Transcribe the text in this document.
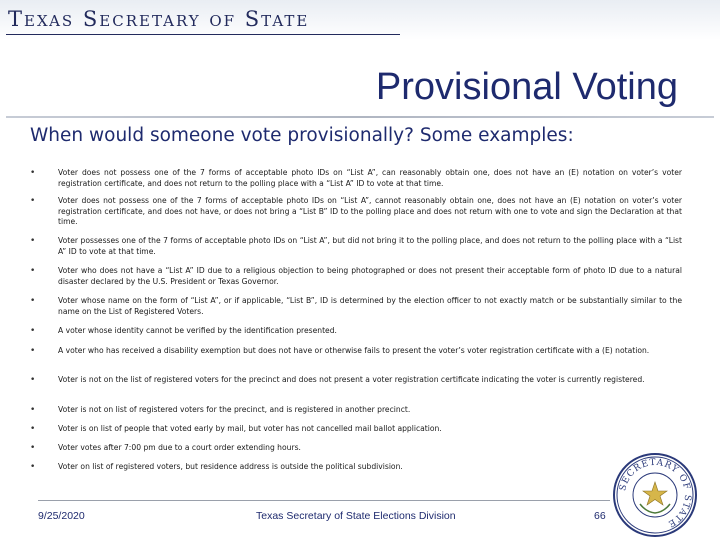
Texas Secretary of State
Provisional Voting
When would someone vote provisionally? Some examples:
•	Voter does not possess one of the 7 forms of acceptable photo IDs on “List A”, can reasonably obtain one, does not have an (E) notation on voter’s voter registration certificate, and does not return to the polling place with a “List A” ID to vote at that time.
•	Voter does not possess one of the 7 forms of acceptable photo IDs on “List A”, cannot reasonably obtain one, does not have an (E) notation on voter’s voter registration certificate, and does not have, or does not bring a “List B” ID to the polling place and does not return with one to vote and sign the Declaration at that time.
•	Voter possesses one of the 7 forms of acceptable photo IDs on “List A”, but did not bring it to the polling place, and does not return to the polling place with a “List A” ID to vote at that time.
•	Voter who does not have a “List A” ID due to a religious objection to being photographed or does not present their acceptable form of photo ID due to a natural disaster declared by the U.S. President or Texas Governor.
•	Voter whose name on the form of “List A”, or if applicable, “List B”, ID is determined by the election officer to not exactly match or be substantially similar to the name on the List of Registered Voters.
•	A voter whose identity cannot be verified by the identification presented.
•	A voter who has received a disability exemption but does not have or otherwise fails to present the voter’s voter registration certificate with a (E) notation.
•	Voter is not on the list of registered voters for the precinct and does not present a voter registration certificate indicating the voter is currently registered.
•	Voter is not on list of registered voters for the precinct, and is registered in another precinct.
•	Voter is on list of people that voted early by mail, but voter has not cancelled mail ballot application.
•	Voter votes after 7:00 pm due to a court order extending hours.
•	Voter on list of registered voters, but residence address is outside the political subdivision.
SECRETARY OF STATE
9/25/2020	Texas Secretary of State Elections Division	66
